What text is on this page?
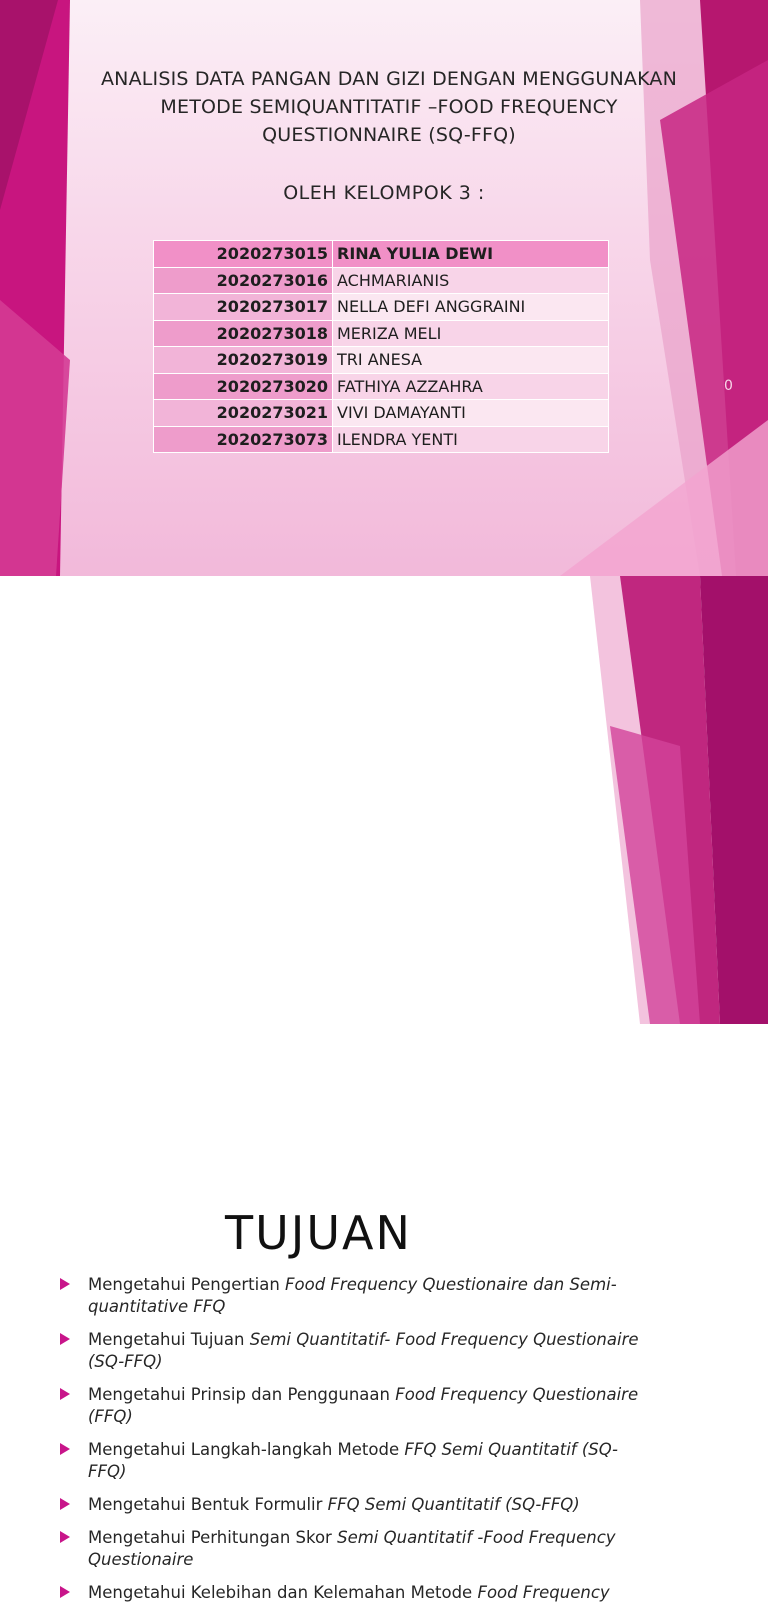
ANALISIS DATA PANGAN DAN GIZI DENGAN MENGGUNAKAN
METODE SEMIQUANTITATIF –FOOD FREQUENCY
QUESTIONNAIRE (SQ-FFQ)
OLEH KELOMPOK 3 :
2020273015	RINA YULIA DEWI
2020273016	ACHMARIANIS
2020273017	NELLA DEFI ANGGRAINI
2020273018	MERIZA MELI
2020273019	TRI ANESA
2020273020	FATHIYA AZZAHRA
2020273021	VIVI DAMAYANTI
2020273073	ILENDRA YENTI
0
TUJUAN
Mengetahui Pengertian Food Frequency Questionaire dan Semi-quantitative FFQ
Mengetahui Tujuan Semi Quantitatif- Food Frequency Questionaire (SQ-FFQ)
Mengetahui Prinsip dan Penggunaan Food Frequency Questionaire (FFQ)
Mengetahui Langkah-langkah Metode FFQ Semi Quantitatif (SQ-FFQ)
Mengetahui Bentuk Formulir FFQ Semi Quantitatif (SQ-FFQ)
Mengetahui Perhitungan Skor Semi Quantitatif -Food Frequency Questionaire
Mengetahui Kelebihan dan Kelemahan Metode Food Frequency
